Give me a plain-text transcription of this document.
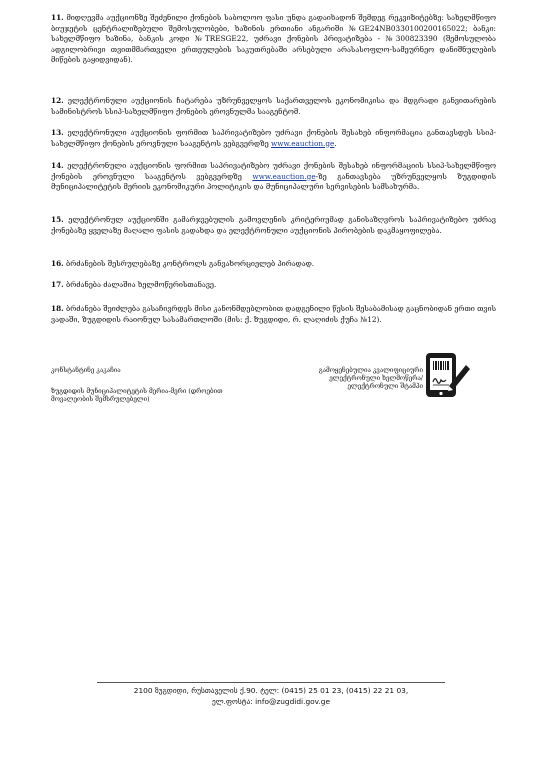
11. მიდღევმა აუქციონზე შეძენილი ქონების საბოლოო ფასი უნდა გადაიხადონ შემდეგ რეკვიზიტებზე: სახელმწიფო ბიუჯეტის ცენტრალიზებული შემოსულობები, ხაზინის ერთიანი ანგარიში №GE24NB0330100200165022; ბანკი: სახელმწიფო ხაზინა, ბანკის კოდი №TRESGE22, უძრავი ქონების პრივატიზება - №300823390 (შემოსულობა ადგილობრივი თვითმმართველი ერთეულების საკუთრებაში არსებული არასასოფლო-სამეურნეო დანიშნულების მიწების გაყიდვიდან).

12. ელექტრონული აუქციონის ჩატარება უზრუნველყოს საქართველოს ეკონომიკისა და მდგრადი განვითარების სამინისტროს სსიპ-სახელმწიფო ქონების ეროვნულმა სააგენტომ.

13. ელექტრონული აუქციონის ფორმით საპრივატიზებო უძრავი ქონების შესახებ ინფორმაცია განთავსდეს სსიპ-სახელმწიფო ქონების ეროვნული სააგენტოს ვებგვერდზე www.eauction.ge.

14. ელექტრონული აუქციონის ფორმით საპრივატიზებო უძრავი ქონების შესახებ ინფორმაციის სსიპ-სახელმწიფო ქონების ეროვნული სააგენტოს ვებგვერდზე www.eauction.ge-ზე განთავსება უზრუნველყოს ზუგდიდის მუნიციპალიტეტის მერიის ეკონომიკური პოლიტიკის და მუნიციპალური სერვისების სამსახურმა.

15. ელექტრონულ აუქციონში გამარჯვებულის გამოვლენის კრიტერიუმად განისაზღვროს საპრივატიზებო უძრავ ქონებაზე ყველაზე მაღალი ფასის გადახდა და ელექტრონული აუქციონის პირობების დაკმაყოფილება.

16. ბრძანების შესრულებაზე კონტროლს განვახორციელებ პირადად.

17. ბრძანება ძალაშია ხელმოწერისთანავე.

18. ბრძანება შეიძლება გასაჩივრდეს მისი კანონმდებლობით დადგენილი წესის შესაბამისად გაცნობიდან ერთი თვის ვადაში, ზუგდიდის რაიონულ სასამართლოში (მის: ქ. ზუგდიდი, რ. ლაღიძის ქუჩა №12).

კონსტანტინე კაკაჩია
ზუგდიდის მუნიციპალიტეტის მერია-მერი (დროებით
მოვალეობის შემსრულებელი)
გამოყენებულია კვალიფიციური
ელექტრონული ხელმოწერა/
ელექტრონული შტამპი
2100 ზუგდიდი, რუსთაველის ქ.90. ტელ: (0415) 25 01 23, (0415) 22 21 03,
ელ.ფოსტა: info@zugdidi.gov.ge
